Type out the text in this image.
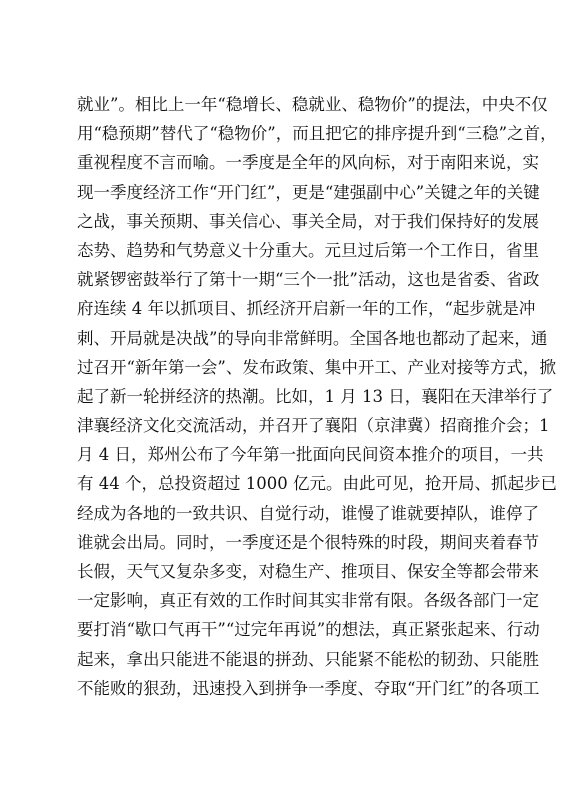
就业”。相比上一年“稳增长、稳就业、稳物价”的提法，中央不仅
用“稳预期”替代了“稳物价”，而且把它的排序提升到“三稳”之首，
重视程度不言而喻。一季度是全年的风向标，对于南阳来说，实
现一季度经济工作“开门红”，更是“建强副中心”关键之年的关键
之战，事关预期、事关信心、事关全局，对于我们保持好的发展
态势、趋势和气势意义十分重大。元旦过后第一个工作日，省里
就紧锣密鼓举行了第十一期“三个一批”活动，这也是省委、省政
府连续 4 年以抓项目、抓经济开启新一年的工作，“起步就是冲
刺、开局就是决战”的导向非常鲜明。全国各地也都动了起来，通
过召开“新年第一会”、发布政策、集中开工、产业对接等方式，掀
起了新一轮拼经济的热潮。比如，1 月 13 日，襄阳在天津举行了
津襄经济文化交流活动，并召开了襄阳（京津冀）招商推介会；1
月 4 日，郑州公布了今年第一批面向民间资本推介的项目，一共
有 44 个，总投资超过 1000 亿元。由此可见，抢开局、抓起步已
经成为各地的一致共识、自觉行动，谁慢了谁就要掉队，谁停了
谁就会出局。同时，一季度还是个很特殊的时段，期间夹着春节
长假，天气又复杂多变，对稳生产、推项目、保安全等都会带来
一定影响，真正有效的工作时间其实非常有限。各级各部门一定
要打消“歇口气再干”“过完年再说”的想法，真正紧张起来、行动
起来，拿出只能进不能退的拼劲、只能紧不能松的韧劲、只能胜
不能败的狠劲，迅速投入到拼争一季度、夺取“开门红”的各项工
